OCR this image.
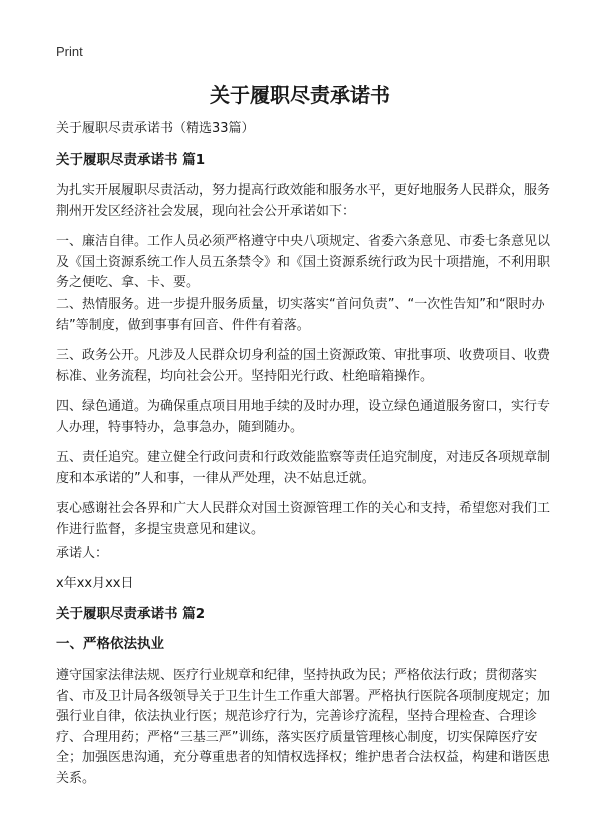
Print
关于履职尽责承诺书
关于履职尽责承诺书（精选33篇）
关于履职尽责承诺书 篇1
为扎实开展履职尽责活动，努力提高行政效能和服务水平，更好地服务人民群众，服务荆州开发区经济社会发展，现向社会公开承诺如下：
一、廉洁自律。工作人员必须严格遵守中央八项规定、省委六条意见、市委七条意见以及《国土资源系统工作人员五条禁令》和《国土资源系统行政为民十项措施，不利用职务之便吃、拿、卡、要。
二、热情服务。进一步提升服务质量，切实落实“首问负责”、“一次性告知”和“限时办结”等制度，做到事事有回音、件件有着落。
三、政务公开。凡涉及人民群众切身利益的国土资源政策、审批事项、收费项目、收费标准、业务流程，均向社会公开。坚持阳光行政、杜绝暗箱操作。
四、绿色通道。为确保重点项目用地手续的及时办理，设立绿色通道服务窗口，实行专人办理，特事特办，急事急办，随到随办。
五、责任追究。建立健全行政问责和行政效能监察等责任追究制度，对违反各项规章制度和本承诺的”人和事，一律从严处理，决不姑息迁就。
衷心感谢社会各界和广大人民群众对国土资源管理工作的关心和支持，希望您对我们工作进行监督，多提宝贵意见和建议。
承诺人：
x年xx月xx日
关于履职尽责承诺书 篇2
一、严格依法执业
遵守国家法律法规、医疗行业规章和纪律，坚持执政为民；严格依法行政；贯彻落实省、市及卫计局各级领导关于卫生计生工作重大部署。严格执行医院各项制度规定；加强行业自律，依法执业行医；规范诊疗行为，完善诊疗流程，坚持合理检查、合理诊疗、合理用药；严格“三基三严”训练，落实医疗质量管理核心制度，切实保障医疗安全；加强医患沟通，充分尊重患者的知情权选择权；维护患者合法权益，构建和谐医患关系。
